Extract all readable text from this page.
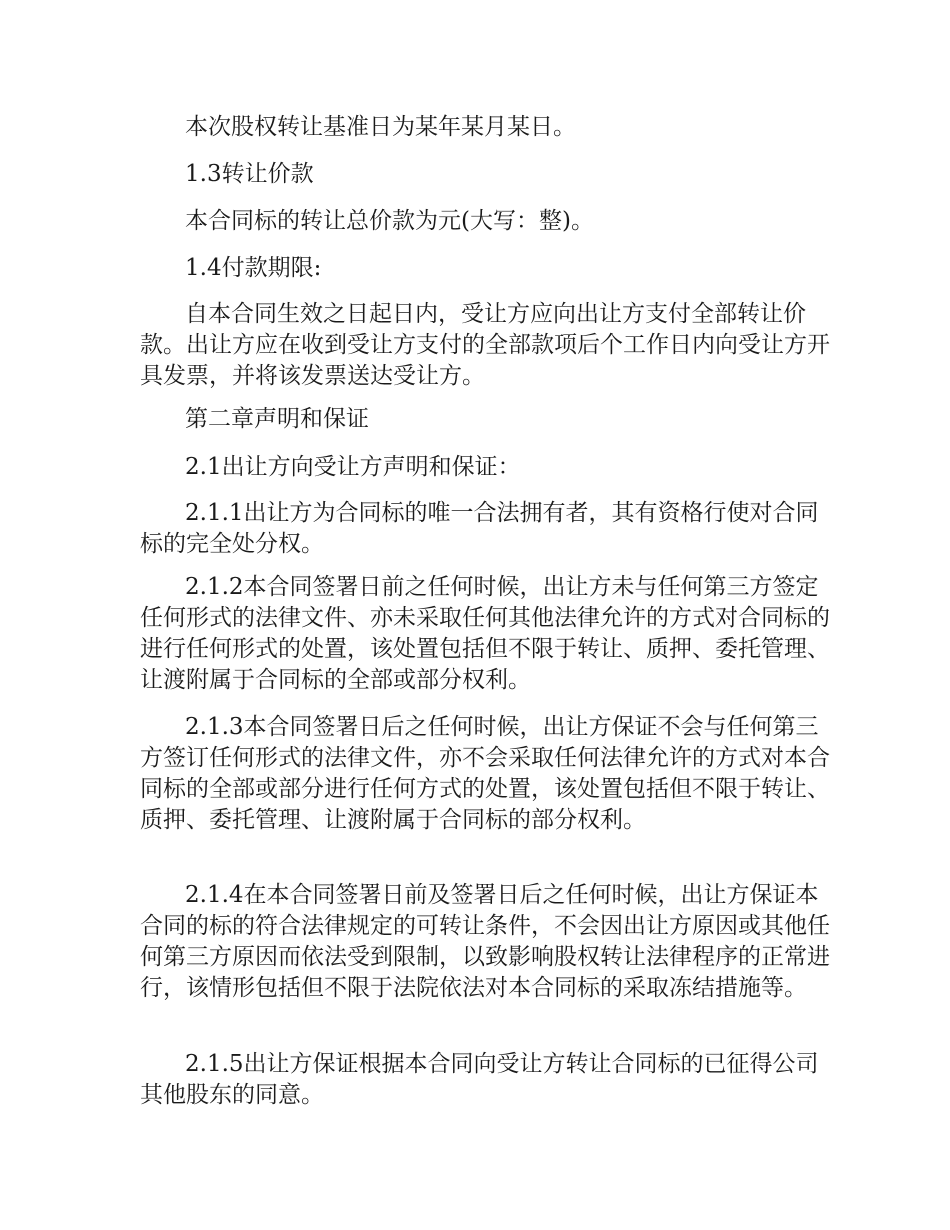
本次股权转让基准日为某年某月某日。

1.3转让价款

本合同标的转让总价款为元(大写：整)。

1.4付款期限:

自本合同生效之日起日内，受让方应向出让方支付全部转让价款。出让方应在收到受让方支付的全部款项后个工作日内向受让方开具发票，并将该发票送达受让方。

第二章声明和保证

2.1出让方向受让方声明和保证：

2.1.1出让方为合同标的唯一合法拥有者，其有资格行使对合同标的完全处分权。

2.1.2本合同签署日前之任何时候，出让方未与任何第三方签定任何形式的法律文件、亦未采取任何其他法律允许的方式对合同标的进行任何形式的处置，该处置包括但不限于转让、质押、委托管理、让渡附属于合同标的全部或部分权利。

2.1.3本合同签署日后之任何时候，出让方保证不会与任何第三方签订任何形式的法律文件，亦不会采取任何法律允许的方式对本合同标的全部或部分进行任何方式的处置，该处置包括但不限于转让、质押、委托管理、让渡附属于合同标的部分权利。

2.1.4在本合同签署日前及签署日后之任何时候，出让方保证本合同的标的符合法律规定的可转让条件，不会因出让方原因或其他任何第三方原因而依法受到限制，以致影响股权转让法律程序的正常进行，该情形包括但不限于法院依法对本合同标的采取冻结措施等。

2.1.5出让方保证根据本合同向受让方转让合同标的已征得公司其他股东的同意。
